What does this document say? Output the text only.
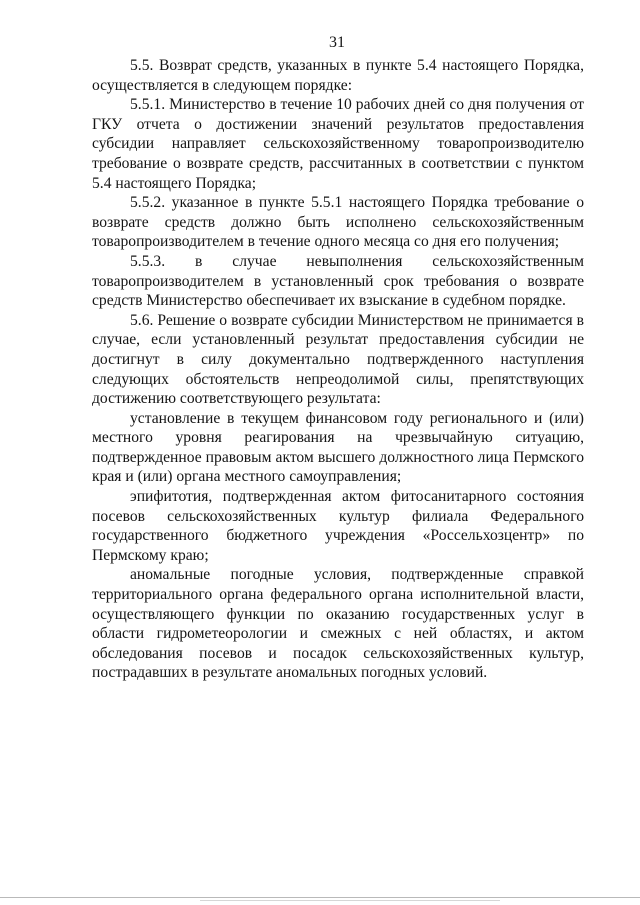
31

5.5. Возврат средств, указанных в пункте 5.4 настоящего Порядка, осуществляется в следующем порядке:

5.5.1. Министерство в течение 10 рабочих дней со дня получения от ГКУ отчета о достижении значений результатов предоставления субсидии направляет сельскохозяйственному товаропроизводителю требование о возврате средств, рассчитанных в соответствии с пунктом 5.4 настоящего Порядка;

5.5.2. указанное в пункте 5.5.1 настоящего Порядка требование о возврате средств должно быть исполнено сельскохозяйственным товаропроизводителем в течение одного месяца со дня его получения;

5.5.3. в случае невыполнения сельскохозяйственным товаропроизводителем в установленный срок требования о возврате средств Министерство обеспечивает их взыскание в судебном порядке.

5.6. Решение о возврате субсидии Министерством не принимается в случае, если установленный результат предоставления субсидии не достигнут в силу документально подтвержденного наступления следующих обстоятельств непреодолимой силы, препятствующих достижению соответствующего результата:

установление в текущем финансовом году регионального и (или) местного уровня реагирования на чрезвычайную ситуацию, подтвержденное правовым актом высшего должностного лица Пермского края и (или) органа местного самоуправления;

эпифитотия, подтвержденная актом фитосанитарного состояния посевов сельскохозяйственных культур филиала Федерального государственного бюджетного учреждения «Россельхозцентр» по Пермскому краю;

аномальные погодные условия, подтвержденные справкой территориального органа федерального органа исполнительной власти, осуществляющего функции по оказанию государственных услуг в области гидрометеорологии и смежных с ней областях, и актом обследования посевов и посадок сельскохозяйственных культур, пострадавших в результате аномальных погодных условий.
